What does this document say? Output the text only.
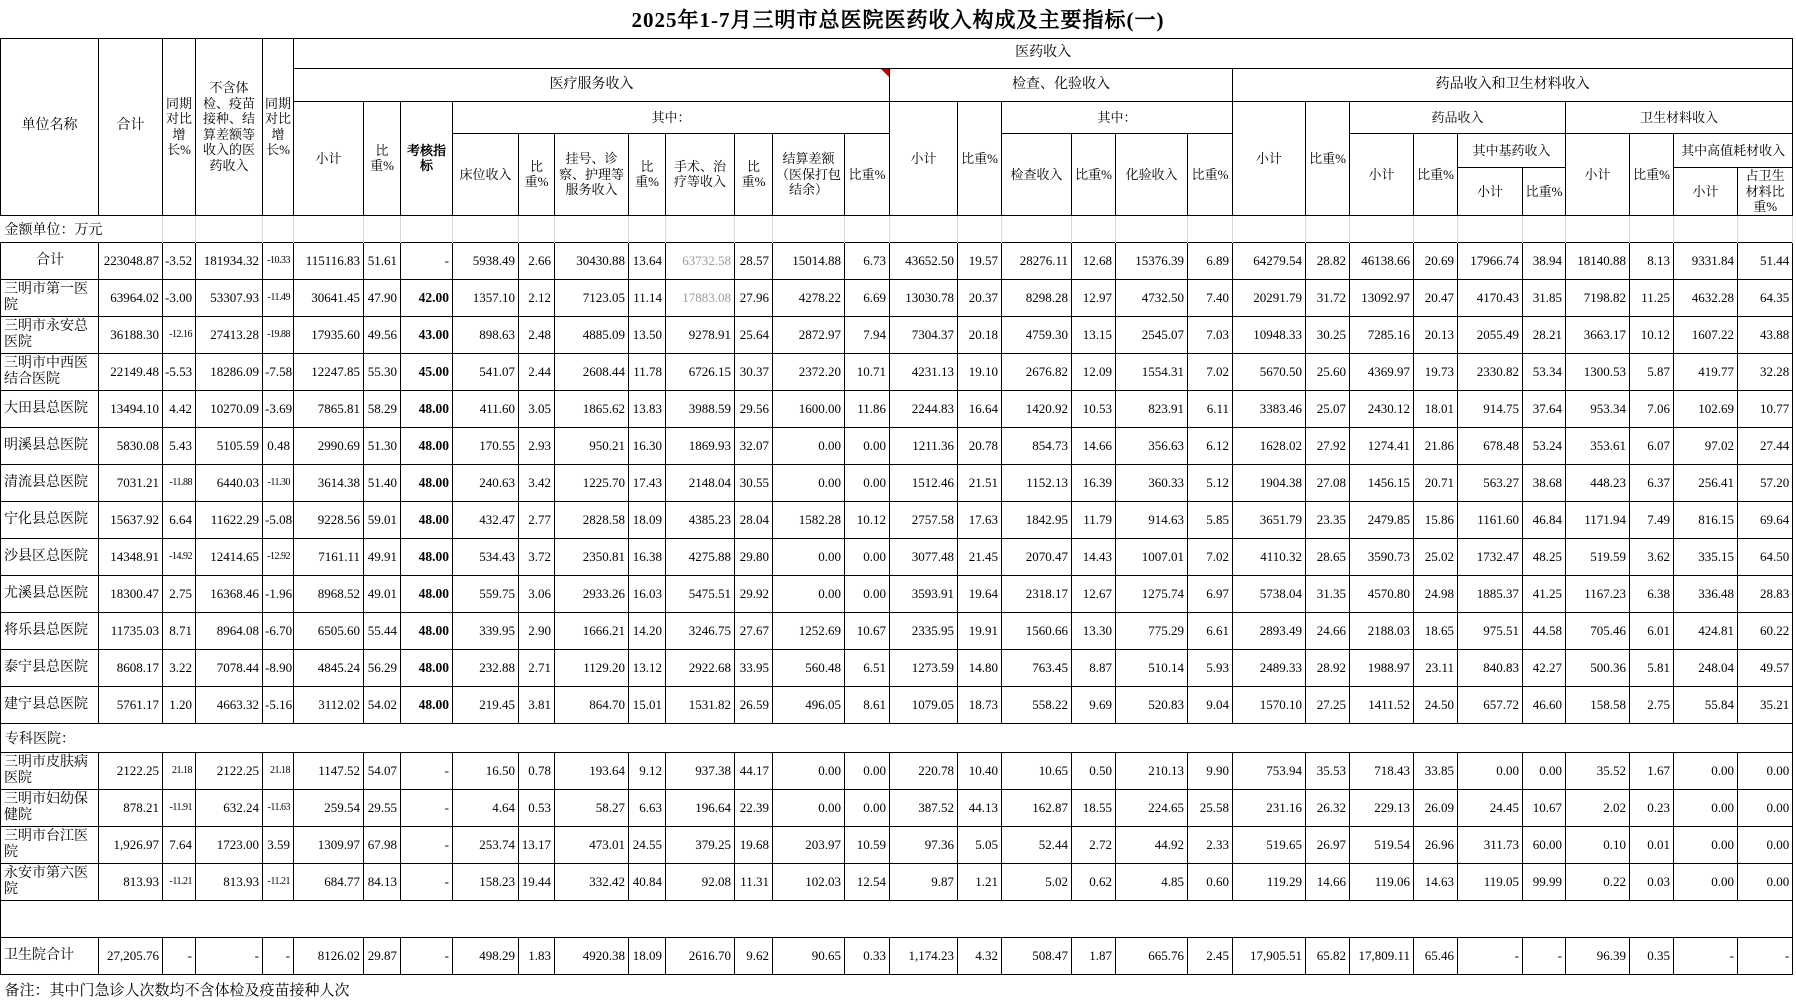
2025年1-7月三明市总医院医药收入构成及主要指标(一)
金额单位：万元																															
单位名称	合计	同期对比增长%	不含体检、疫苗接种、结算差额等收入的医药收入	同期对比增长%	医药收入																										
					医疗服务收入											检查、化验收入						药品收入和卫生材料收入									
					小计	比重%	考核指标	其中：								小计	比重%	其中：				小计	比重%	药品收入				卫生材料收入			
								床位收入	比重%	挂号、诊察、护理等服务收入	比重%	手术、治疗等收入	比重%	结算差额（医保打包结余）	比重%			检查收入	比重%	化验收入	比重%			小计	比重%	其中基药收入		小计	比重%	其中高值耗材收入	
																										小计	比重%			小计	占卫生材料比重%
合计	223048.87	-3.52	181934.32	-10.33	115116.83	51.61	-	5938.49	2.66	30430.88	13.64	63732.58	28.57	15014.88	6.73	43652.50	19.57	28276.11	12.68	15376.39	6.89	64279.54	28.82	46138.66	20.69	17966.74	38.94	18140.88	8.13	9331.84	51.44
三明市第一医院	63964.02	-3.00	53307.93	-11.49	30641.45	47.90	42.00	1357.10	2.12	7123.05	11.14	17883.08	27.96	4278.22	6.69	13030.78	20.37	8298.28	12.97	4732.50	7.40	20291.79	31.72	13092.97	20.47	4170.43	31.85	7198.82	11.25	4632.28	64.35
三明市永安总医院	36188.30	-12.16	27413.28	-19.88	17935.60	49.56	43.00	898.63	2.48	4885.09	13.50	9278.91	25.64	2872.97	7.94	7304.37	20.18	4759.30	13.15	2545.07	7.03	10948.33	30.25	7285.16	20.13	2055.49	28.21	3663.17	10.12	1607.22	43.88
三明市中西医结合医院	22149.48	-5.53	18286.09	-7.58	12247.85	55.30	45.00	541.07	2.44	2608.44	11.78	6726.15	30.37	2372.20	10.71	4231.13	19.10	2676.82	12.09	1554.31	7.02	5670.50	25.60	4369.97	19.73	2330.82	53.34	1300.53	5.87	419.77	32.28
大田县总医院	13494.10	4.42	10270.09	-3.69	7865.81	58.29	48.00	411.60	3.05	1865.62	13.83	3988.59	29.56	1600.00	11.86	2244.83	16.64	1420.92	10.53	823.91	6.11	3383.46	25.07	2430.12	18.01	914.75	37.64	953.34	7.06	102.69	10.77
明溪县总医院	5830.08	5.43	5105.59	0.48	2990.69	51.30	48.00	170.55	2.93	950.21	16.30	1869.93	32.07	0.00	0.00	1211.36	20.78	854.73	14.66	356.63	6.12	1628.02	27.92	1274.41	21.86	678.48	53.24	353.61	6.07	97.02	27.44
清流县总医院	7031.21	-11.88	6440.03	-11.30	3614.38	51.40	48.00	240.63	3.42	1225.70	17.43	2148.04	30.55	0.00	0.00	1512.46	21.51	1152.13	16.39	360.33	5.12	1904.38	27.08	1456.15	20.71	563.27	38.68	448.23	6.37	256.41	57.20
宁化县总医院	15637.92	6.64	11622.29	-5.08	9228.56	59.01	48.00	432.47	2.77	2828.58	18.09	4385.23	28.04	1582.28	10.12	2757.58	17.63	1842.95	11.79	914.63	5.85	3651.79	23.35	2479.85	15.86	1161.60	46.84	1171.94	7.49	816.15	69.64
沙县区总医院	14348.91	-14.92	12414.65	-12.92	7161.11	49.91	48.00	534.43	3.72	2350.81	16.38	4275.88	29.80	0.00	0.00	3077.48	21.45	2070.47	14.43	1007.01	7.02	4110.32	28.65	3590.73	25.02	1732.47	48.25	519.59	3.62	335.15	64.50
尤溪县总医院	18300.47	2.75	16368.46	-1.96	8968.52	49.01	48.00	559.75	3.06	2933.26	16.03	5475.51	29.92	0.00	0.00	3593.91	19.64	2318.17	12.67	1275.74	6.97	5738.04	31.35	4570.80	24.98	1885.37	41.25	1167.23	6.38	336.48	28.83
将乐县总医院	11735.03	8.71	8964.08	-6.70	6505.60	55.44	48.00	339.95	2.90	1666.21	14.20	3246.75	27.67	1252.69	10.67	2335.95	19.91	1560.66	13.30	775.29	6.61	2893.49	24.66	2188.03	18.65	975.51	44.58	705.46	6.01	424.81	60.22
泰宁县总医院	8608.17	3.22	7078.44	-8.90	4845.24	56.29	48.00	232.88	2.71	1129.20	13.12	2922.68	33.95	560.48	6.51	1273.59	14.80	763.45	8.87	510.14	5.93	2489.33	28.92	1988.97	23.11	840.83	42.27	500.36	5.81	248.04	49.57
建宁县总医院	5761.17	1.20	4663.32	-5.16	3112.02	54.02	48.00	219.45	3.81	864.70	15.01	1531.82	26.59	496.05	8.61	1079.05	18.73	558.22	9.69	520.83	9.04	1570.10	27.25	1411.52	24.50	657.72	46.60	158.58	2.75	55.84	35.21
专科医院：																															
三明市皮肤病医院	2122.25	21.18	2122.25	21.18	1147.52	54.07	-	16.50	0.78	193.64	9.12	937.38	44.17	0.00	0.00	220.78	10.40	10.65	0.50	210.13	9.90	753.94	35.53	718.43	33.85	0.00	0.00	35.52	1.67	0.00	0.00
三明市妇幼保健院	878.21	-11.91	632.24	-11.63	259.54	29.55	-	4.64	0.53	58.27	6.63	196.64	22.39	0.00	0.00	387.52	44.13	162.87	18.55	224.65	25.58	231.16	26.32	229.13	26.09	24.45	10.67	2.02	0.23	0.00	0.00
三明市台江医院	1,926.97	7.64	1723.00	3.59	1309.97	67.98	-	253.74	13.17	473.01	24.55	379.25	19.68	203.97	10.59	97.36	5.05	52.44	2.72	44.92	2.33	519.65	26.97	519.54	26.96	311.73	60.00	0.10	0.01	0.00	0.00
永安市第六医院	813.93	-11.21	813.93	-11.21	684.77	84.13	-	158.23	19.44	332.42	40.84	92.08	11.31	102.03	12.54	9.87	1.21	5.02	0.62	4.85	0.60	119.29	14.66	119.06	14.63	119.05	99.99	0.22	0.03	0.00	0.00

卫生院合计	27,205.76	-	-	-	8126.02	29.87	-	498.29	1.83	4920.38	18.09	2616.70	9.62	90.65	0.33	1,174.23	4.32	508.47	1.87	665.76	2.45	17,905.51	65.82	17,809.11	65.46	-	-	96.39	0.35	-	-
备注：其中门急诊人次数均不含体检及疫苗接种人次																															
